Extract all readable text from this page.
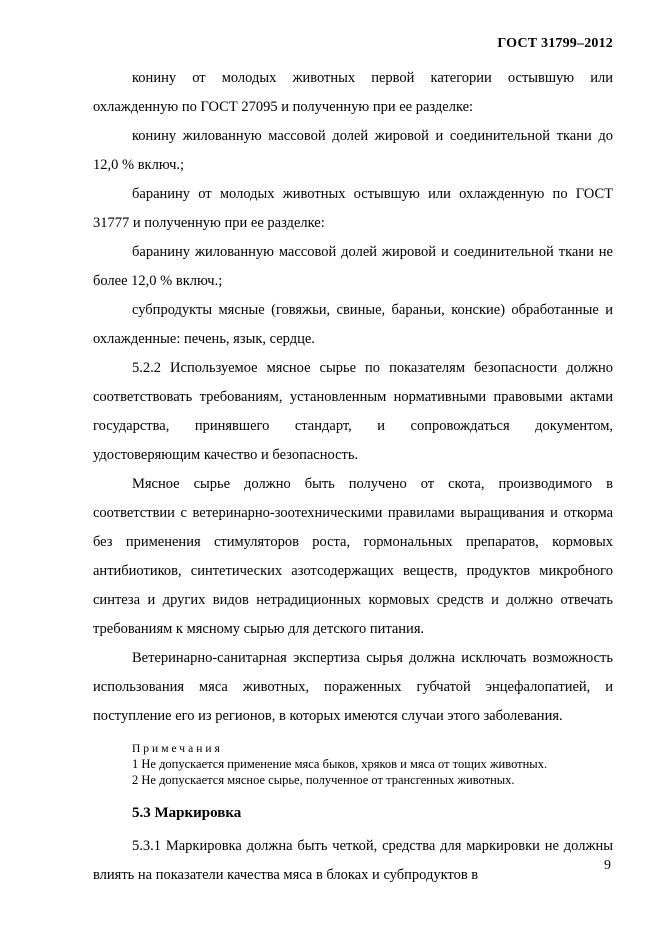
ГОСТ 31799–2012

конину от молодых животных первой категории остывшую или охлажденную по ГОСТ 27095 и полученную при ее разделке:

конину жилованную массовой долей жировой и соединительной ткани до 12,0 % включ.;

баранину от молодых животных остывшую или охлажденную по ГОСТ 31777 и полученную при ее разделке:

баранину жилованную массовой долей жировой и соединительной ткани не более 12,0 % включ.;

субпродукты мясные (говяжьи, свиные, бараньи, конские) обработанные и охлажденные: печень, язык, сердце.

5.2.2 Используемое мясное сырье по показателям безопасности должно соответствовать требованиям, установленным нормативными правовыми актами государства, принявшего стандарт, и сопровождаться документом, удостоверяющим качество и безопасность.

Мясное сырье должно быть получено от скота, производимого в соответствии с ветеринарно-зоотехническими правилами выращивания и откорма без применения стимуляторов роста, гормональных препаратов, кормовых антибиотиков, синтетических азотсодержащих веществ, продуктов микробного синтеза и других видов нетрадиционных кормовых средств и должно отвечать требованиям к мясному сырью для детского питания.

Ветеринарно-санитарная экспертиза сырья должна исключать возможность использования мяса животных, пораженных губчатой энцефалопатией, и поступление его из регионов, в которых имеются случаи этого заболевания.

Примечания

1 Не допускается применение мяса быков, хряков и мяса от тощих животных.

2 Не допускается мясное сырье, полученное от трансгенных животных.

5.3 Маркировка

5.3.1 Маркировка должна быть четкой, средства для маркировки не должны влиять на показатели качества мяса в блоках и субпродуктов в

9
